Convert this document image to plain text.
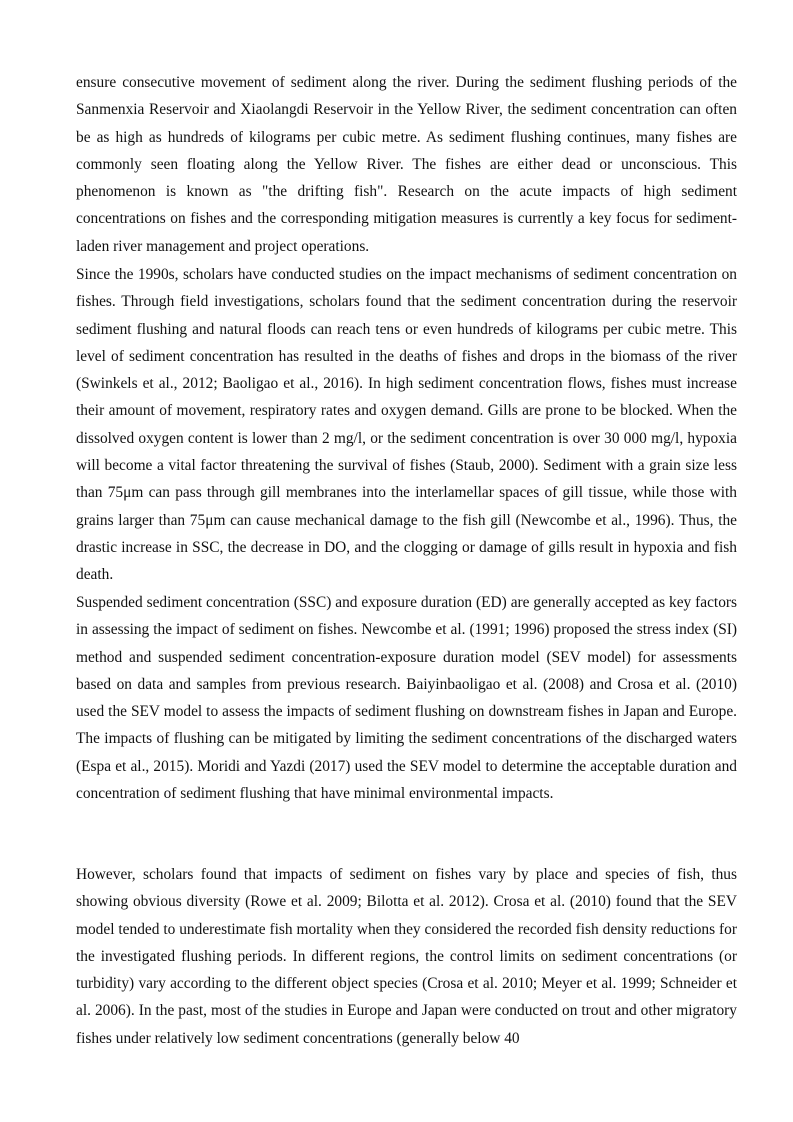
ensure consecutive movement of sediment along the river. During the sediment flushing periods of the Sanmenxia Reservoir and Xiaolangdi Reservoir in the Yellow River, the sediment concentration can often be as high as hundreds of kilograms per cubic metre. As sediment flushing continues, many fishes are commonly seen floating along the Yellow River. The fishes are either dead or unconscious. This phenomenon is known as "the drifting fish". Research on the acute impacts of high sediment concentrations on fishes and the corresponding mitigation measures is currently a key focus for sediment-laden river management and project operations.

Since the 1990s, scholars have conducted studies on the impact mechanisms of sediment concentration on fishes. Through field investigations, scholars found that the sediment concentration during the reservoir sediment flushing and natural floods can reach tens or even hundreds of kilograms per cubic metre. This level of sediment concentration has resulted in the deaths of fishes and drops in the biomass of the river (Swinkels et al., 2012; Baoligao et al., 2016). In high sediment concentration flows, fishes must increase their amount of movement, respiratory rates and oxygen demand. Gills are prone to be blocked. When the dissolved oxygen content is lower than 2 mg/l, or the sediment concentration is over 30 000 mg/l, hypoxia will become a vital factor threatening the survival of fishes (Staub, 2000). Sediment with a grain size less than 75μm can pass through gill membranes into the interlamellar spaces of gill tissue, while those with grains larger than 75μm can cause mechanical damage to the fish gill (Newcombe et al., 1996). Thus, the drastic increase in SSC, the decrease in DO, and the clogging or damage of gills result in hypoxia and fish death.

Suspended sediment concentration (SSC) and exposure duration (ED) are generally accepted as key factors in assessing the impact of sediment on fishes. Newcombe et al. (1991; 1996) proposed the stress index (SI) method and suspended sediment concentration-exposure duration model (SEV model) for assessments based on data and samples from previous research. Baiyinbaoligao et al. (2008) and Crosa et al. (2010) used the SEV model to assess the impacts of sediment flushing on downstream fishes in Japan and Europe. The impacts of flushing can be mitigated by limiting the sediment concentrations of the discharged waters (Espa et al., 2015). Moridi and Yazdi (2017) used the SEV model to determine the acceptable duration and concentration of sediment flushing that have minimal environmental impacts.

However, scholars found that impacts of sediment on fishes vary by place and species of fish, thus showing obvious diversity (Rowe et al. 2009; Bilotta et al. 2012). Crosa et al. (2010) found that the SEV model tended to underestimate fish mortality when they considered the recorded fish density reductions for the investigated flushing periods. In different regions, the control limits on sediment concentrations (or turbidity) vary according to the different object species (Crosa et al. 2010; Meyer et al. 1999; Schneider et al. 2006). In the past, most of the studies in Europe and Japan were conducted on trout and other migratory fishes under relatively low sediment concentrations (generally below 40
